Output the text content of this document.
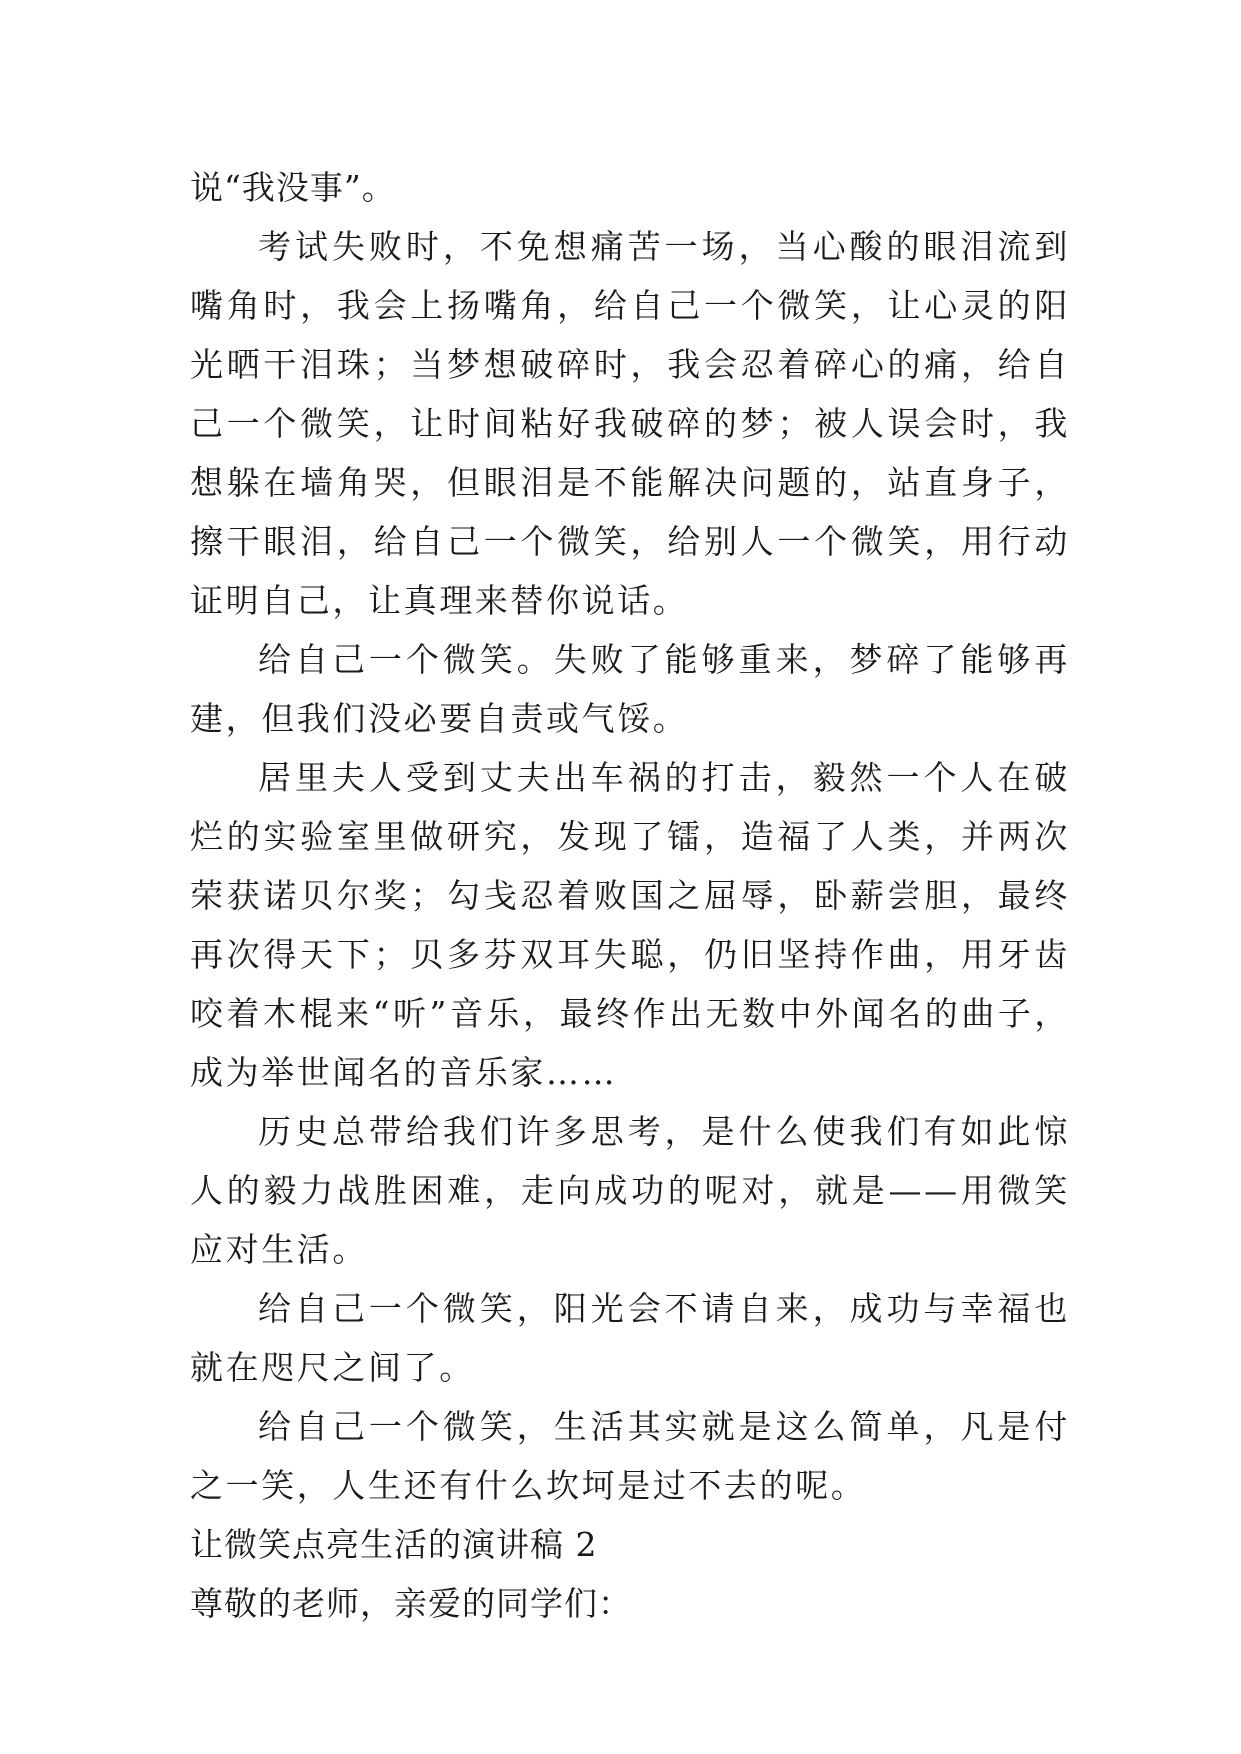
说“我没事”。

考试失败时，不免想痛苦一场，当心酸的眼泪流到嘴角时，我会上扬嘴角，给自己一个微笑，让心灵的阳光晒干泪珠；当梦想破碎时，我会忍着碎心的痛，给自己一个微笑，让时间粘好我破碎的梦；被人误会时，我想躲在墙角哭，但眼泪是不能解决问题的，站直身子，擦干眼泪，给自己一个微笑，给别人一个微笑，用行动证明自己，让真理来替你说话。

给自己一个微笑。失败了能够重来，梦碎了能够再建，但我们没必要自责或气馁。

居里夫人受到丈夫出车祸的打击，毅然一个人在破烂的实验室里做研究，发现了镭，造福了人类，并两次荣获诺贝尔奖；勾戋忍着败国之屈辱，卧薪尝胆，最终再次得天下；贝多芬双耳失聪，仍旧坚持作曲，用牙齿咬着木棍来“听”音乐，最终作出无数中外闻名的曲子，成为举世闻名的音乐家……

历史总带给我们许多思考，是什么使我们有如此惊人的毅力战胜困难，走向成功的呢对，就是——用微笑应对生活。

给自己一个微笑，阳光会不请自来，成功与幸福也就在咫尺之间了。

给自己一个微笑，生活其实就是这么简单，凡是付之一笑，人生还有什么坎坷是过不去的呢。

让微笑点亮生活的演讲稿 2

尊敬的老师，亲爱的同学们：
